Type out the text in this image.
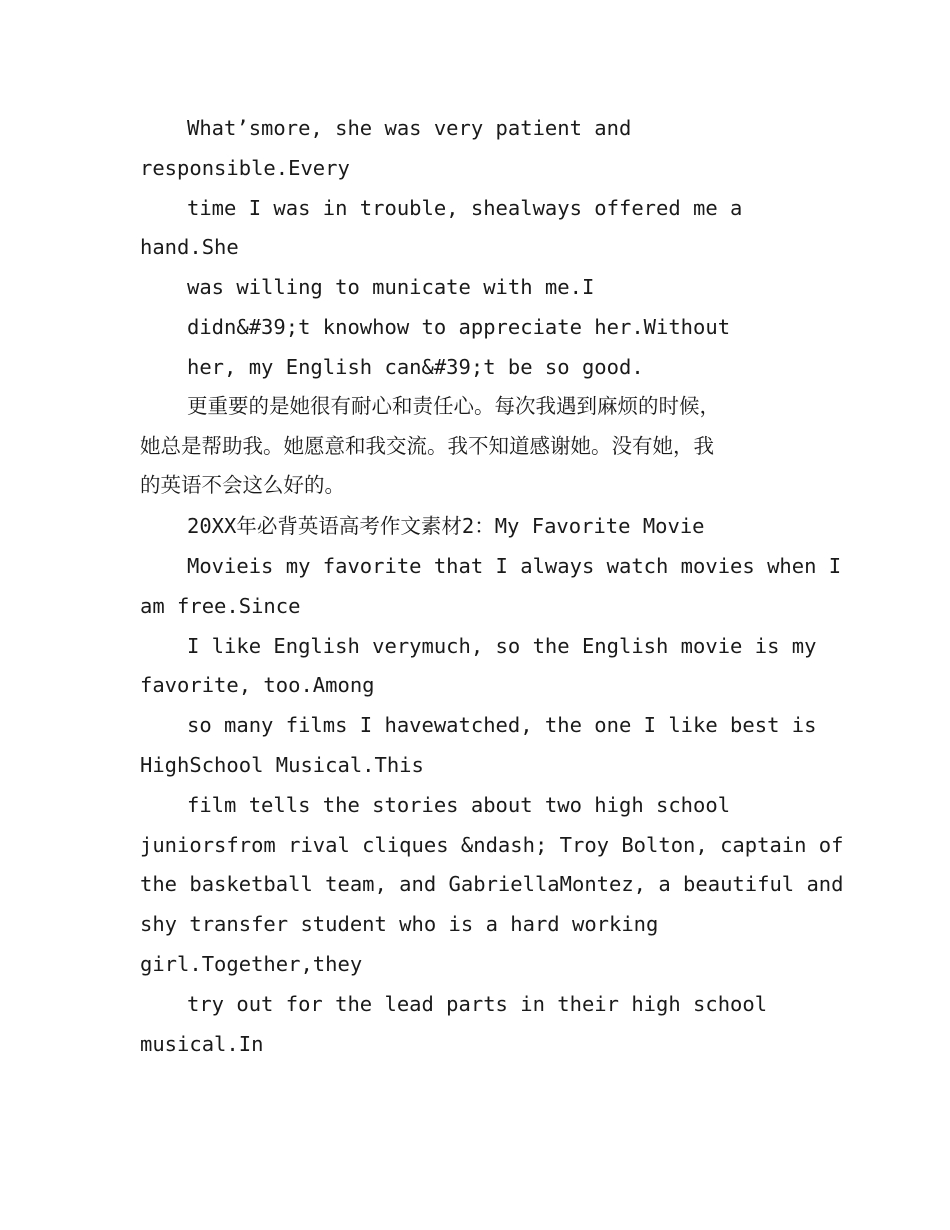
What’smore, she was very patient and
responsible.Every
time I was in trouble, shealways offered me a
hand.She
was willing to municate with me.I
didn&#39;t knowhow to appreciate her.Without
her, my English can&#39;t be so good.
更重要的是她很有耐心和责任心。每次我遇到麻烦的时候，
她总是帮助我。她愿意和我交流。我不知道感谢她。没有她，我
的英语不会这么好的。
20XX年必背英语高考作文素材2：My Favorite Movie
Movieis my favorite that I always watch movies when I
am free.Since
I like English verymuch, so the English movie is my
favorite, too.Among
so many films I havewatched, the one I like best is
HighSchool Musical.This
film tells the stories about two high school
juniorsfrom rival cliques &ndash; Troy Bolton, captain of
the basketball team, and GabriellaMontez, a beautiful and
shy transfer student who is a hard working
girl.Together,they
try out for the lead parts in their high school
musical.In
